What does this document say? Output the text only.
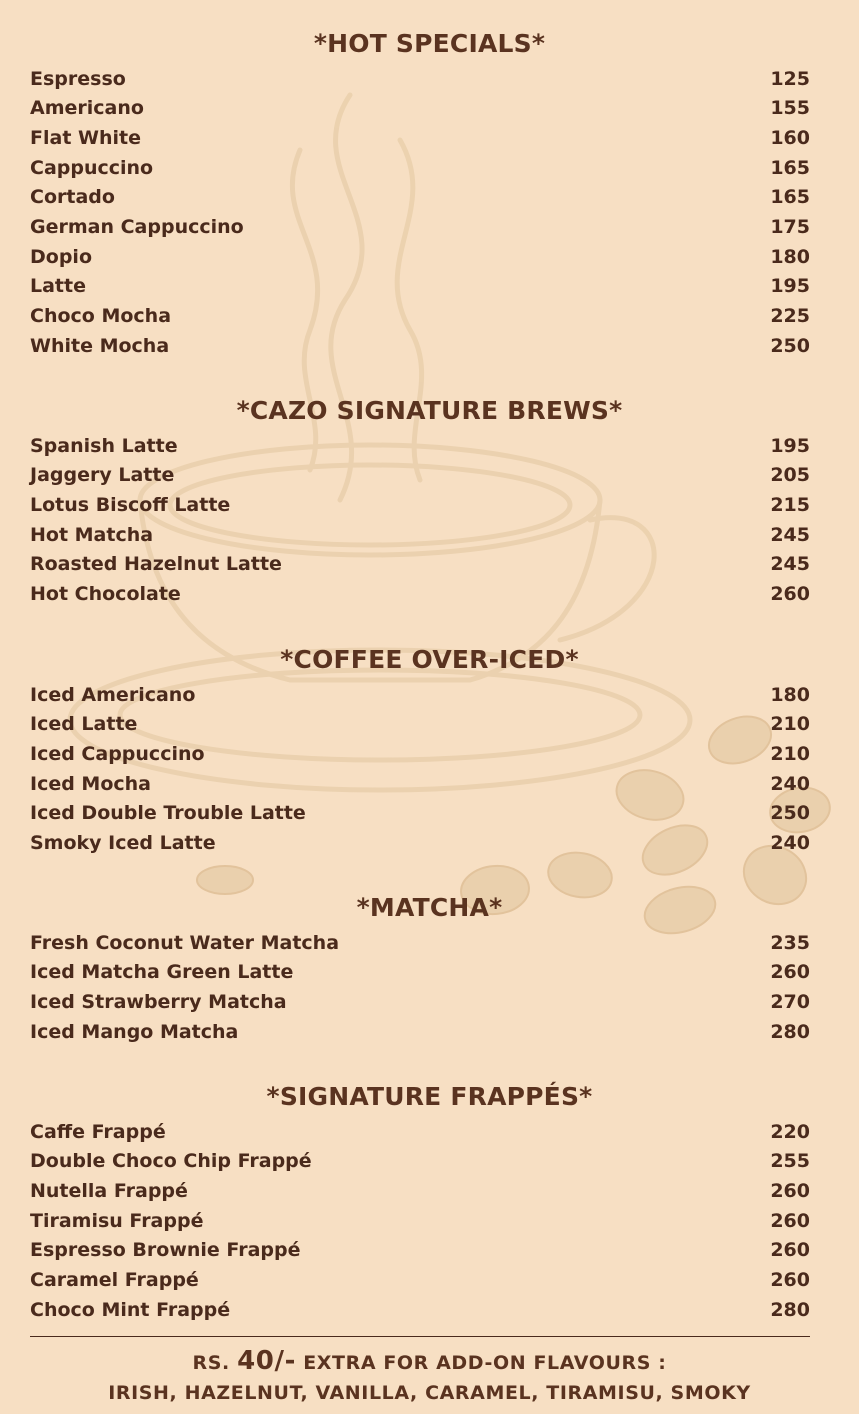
*HOT SPECIALS*
Espresso	125
Americano	155
Flat White	160
Cappuccino	165
Cortado	165
German Cappuccino	175
Dopio	180
Latte	195
Choco Mocha	225
White Mocha	250
*CAZO SIGNATURE BREWS*
Spanish Latte	195
Jaggery Latte	205
Lotus Biscoff Latte	215
Hot Matcha	245
Roasted Hazelnut Latte	245
Hot Chocolate	260
*COFFEE OVER-ICED*
Iced Americano	180
Iced Latte	210
Iced Cappuccino	210
Iced Mocha	240
Iced Double Trouble Latte	250
Smoky Iced Latte	240
*MATCHA*
Fresh Coconut Water Matcha	235
Iced Matcha Green Latte	260
Iced Strawberry Matcha	270
Iced Mango Matcha	280
*SIGNATURE FRAPPÉS*
Caffe Frappé	220
Double Choco Chip Frappé	255
Nutella Frappé	260
Tiramisu Frappé	260
Espresso Brownie Frappé	260
Caramel Frappé	260
Choco Mint Frappé	280
RS. 40/- EXTRA FOR ADD-ON FLAVOURS :
IRISH, HAZELNUT, VANILLA, CARAMEL, TIRAMISU, SMOKY
